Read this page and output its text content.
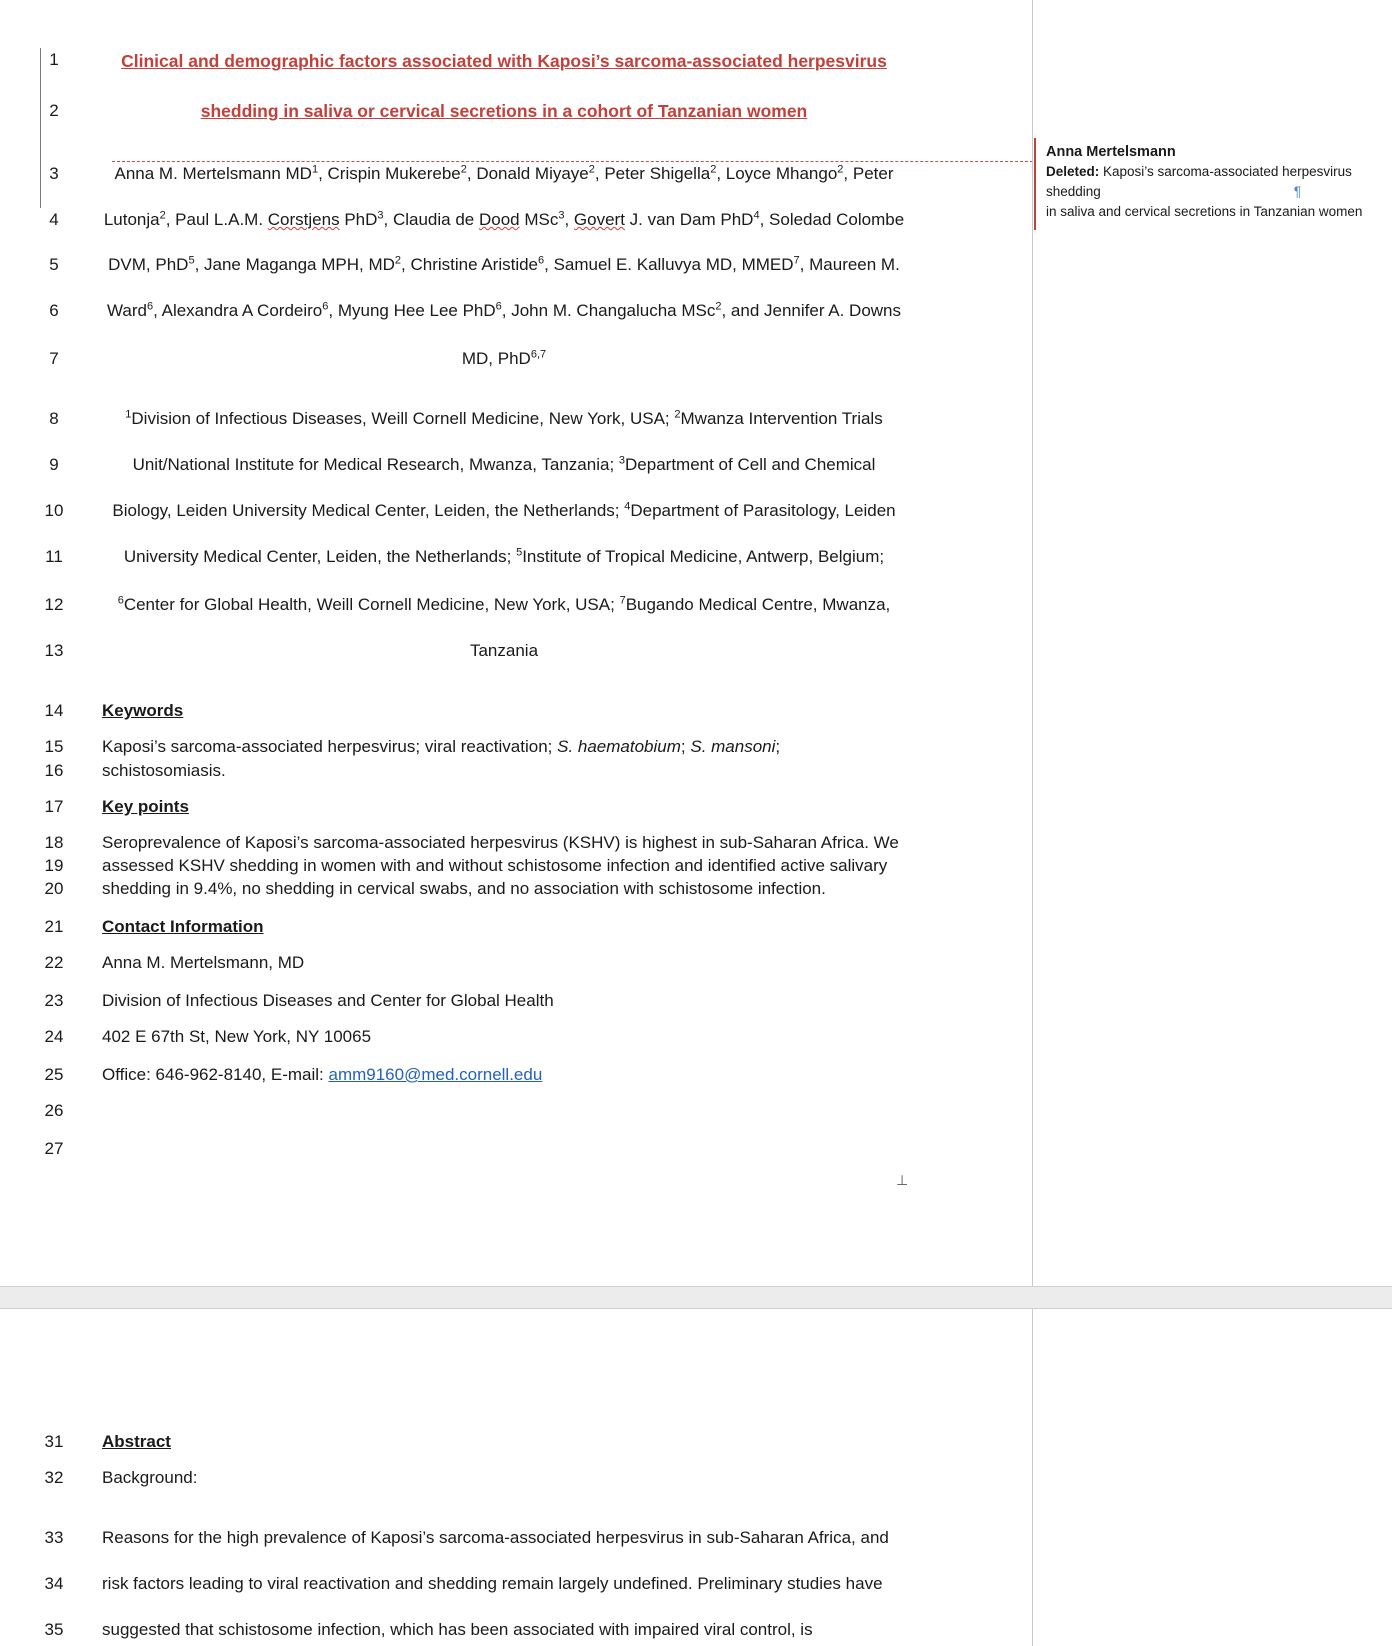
1
2
3
4
5
6
7
8
9
10
11
12
13
14
15
16
17
18
19
20
21
22
23
24
25
26
27
31
32
33
34
35
Clinical and demographic factors associated with Kaposi’s sarcoma-associated herpesvirus
shedding in saliva or cervical secretions in a cohort of Tanzanian women
Anna M. Mertelsmann $MD^1$, Crispin Mukerebe$^2$, Donald Miyaye$^2$, Peter Shigella$^2$, Loyce Mhango$^2$, Peter
Lutonja$^2$, Paul L.A.M. Corstjens PhD$^3$, Claudia de Dood MSc$^3$, Govert J. van Dam PhD$^4$, Soledad Colombe
DVM, PhD$^5$, Jane Maganga MPH, $MD^2$, Christine Aristide$^6$, Samuel E. Kalluvya MD, MMED$^7$, Maureen M.
Ward$^6$, Alexandra A Cordeiro$^6$, Myung Hee Lee PhD$^6$, John M. Changalucha MSc$^2$, and Jennifer A. Downs
MD, PhD$^{6,7}$
$^1$Division of Infectious Diseases, Weill Cornell Medicine, New York, USA; $^2$Mwanza Intervention Trials
Unit/National Institute for Medical Research, Mwanza, Tanzania; $^3$Department of Cell and Chemical
Biology, Leiden University Medical Center, Leiden, the Netherlands; $^4$Department of Parasitology, Leiden
University Medical Center, Leiden, the Netherlands; $^5$Institute of Tropical Medicine, Antwerp, Belgium;
$^6$Center for Global Health, Weill Cornell Medicine, New York, USA; $^7$Bugando Medical Centre, Mwanza,
Tanzania
Keywords
Kaposi’s sarcoma-associated herpesvirus; viral reactivation; S. haematobium; S. mansoni;
schistosomiasis.
Key points
Seroprevalence of Kaposi’s sarcoma-associated herpesvirus (KSHV) is highest in sub-Saharan Africa. We
assessed KSHV shedding in women with and without schistosome infection and identified active salivary
shedding in 9.4%, no shedding in cervical swabs, and no association with schistosome infection.
Contact Information
Anna M. Mertelsmann, MD
Division of Infectious Diseases and Center for Global Health
402 E 67th St, New York, NY 10065
Office: 646-962-8140, E-mail: amm9160@med.cornell.edu
⊥
Abstract
Background:
Reasons for the high prevalence of Kaposi’s sarcoma-associated herpesvirus in sub-Saharan Africa, and
risk factors leading to viral reactivation and shedding remain largely undefined. Preliminary studies have
suggested that schistosome infection, which has been associated with impaired viral control, is
Anna Mertelsmann
Deleted: Kaposi’s sarcoma-associated herpesvirus
shedding	¶
in saliva and cervical secretions in Tanzanian women
